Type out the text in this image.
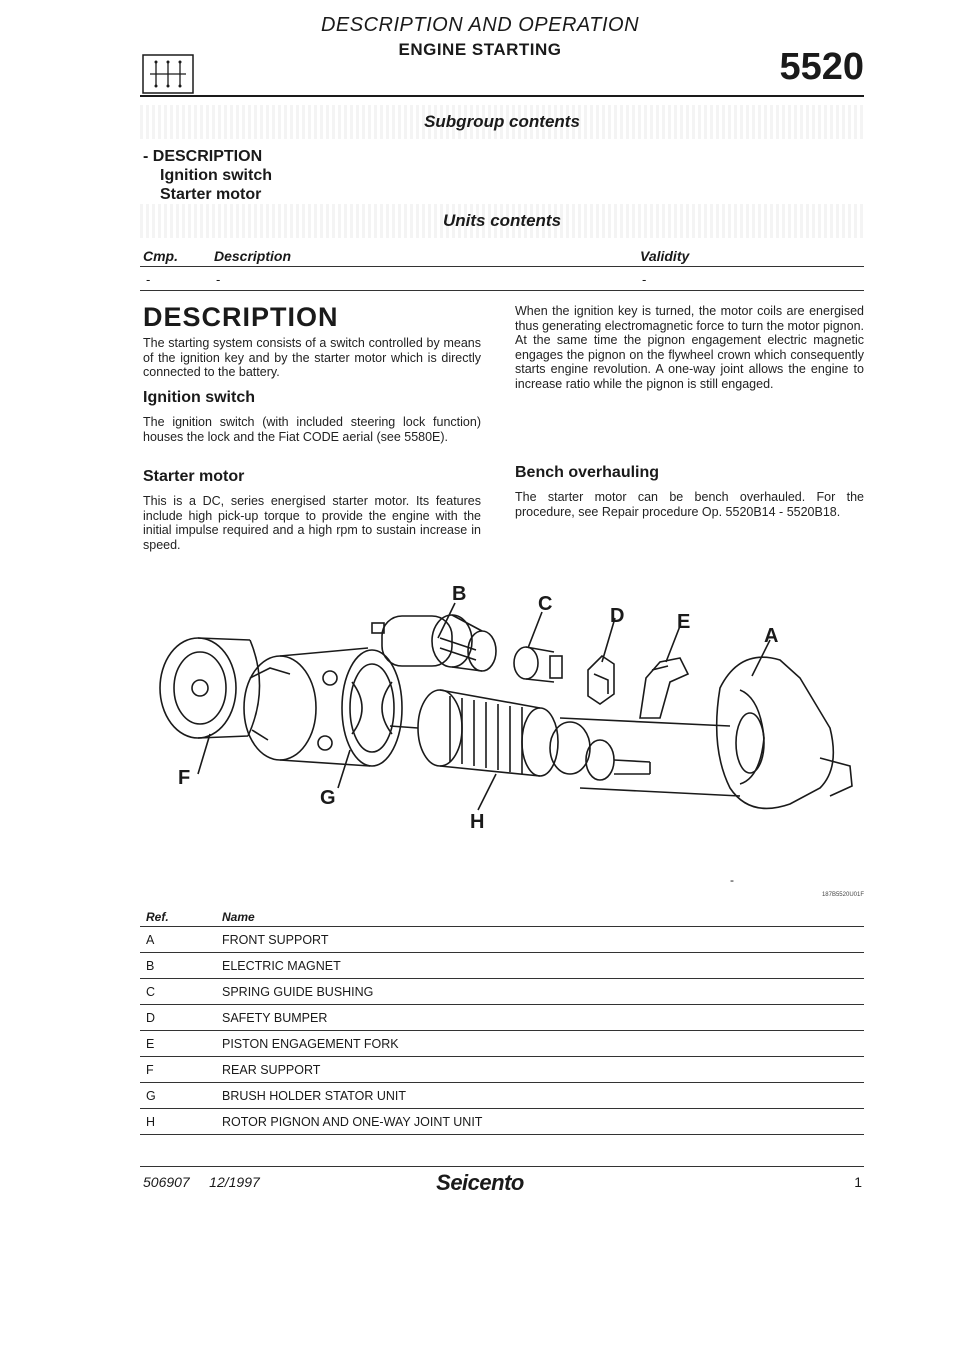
DESCRIPTION AND OPERATION
ENGINE STARTING	5520
Subgroup contents
- DESCRIPTION
Ignition switch
Starter motor
Units contents
Cmp.	Description	Validity
-	-	-
DESCRIPTION
The starting system consists of a switch controlled by means of the ignition key and by the starter motor which is directly connected to the battery.
Ignition switch
The ignition switch (with included steering lock function) houses the lock and the Fiat CODE aerial (see 5580E).
Starter motor
This is a DC, series energised starter motor. Its features include high pick-up torque to provide the engine with the initial impulse required and a high rpm to sustain increase in speed.
When the ignition key is turned, the motor coils are energised thus generating electromagnetic force to turn the motor pignon. At the same time the pignon engagement electric magnetic engages the pignon on the flywheel crown which consequently starts engine revolution. A one-way joint allows the engine to increase ratio while the pignon is still engaged.
Bench overhauling
The starter motor can be bench overhauled. For the procedure, see Repair procedure Op. 5520B14 - 5520B18.
B	C
D	E
A
F
G
H
-
187B5520U01F
Ref.	Name
A	FRONT SUPPORT
B	ELECTRIC MAGNET
C	SPRING GUIDE BUSHING
D	SAFETY BUMPER
E	PISTON ENGAGEMENT FORK
F	REAR SUPPORT
G	BRUSH HOLDER STATOR UNIT
H	ROTOR PIGNON AND ONE-WAY JOINT UNIT
506907 12/1997	Seicento	1
